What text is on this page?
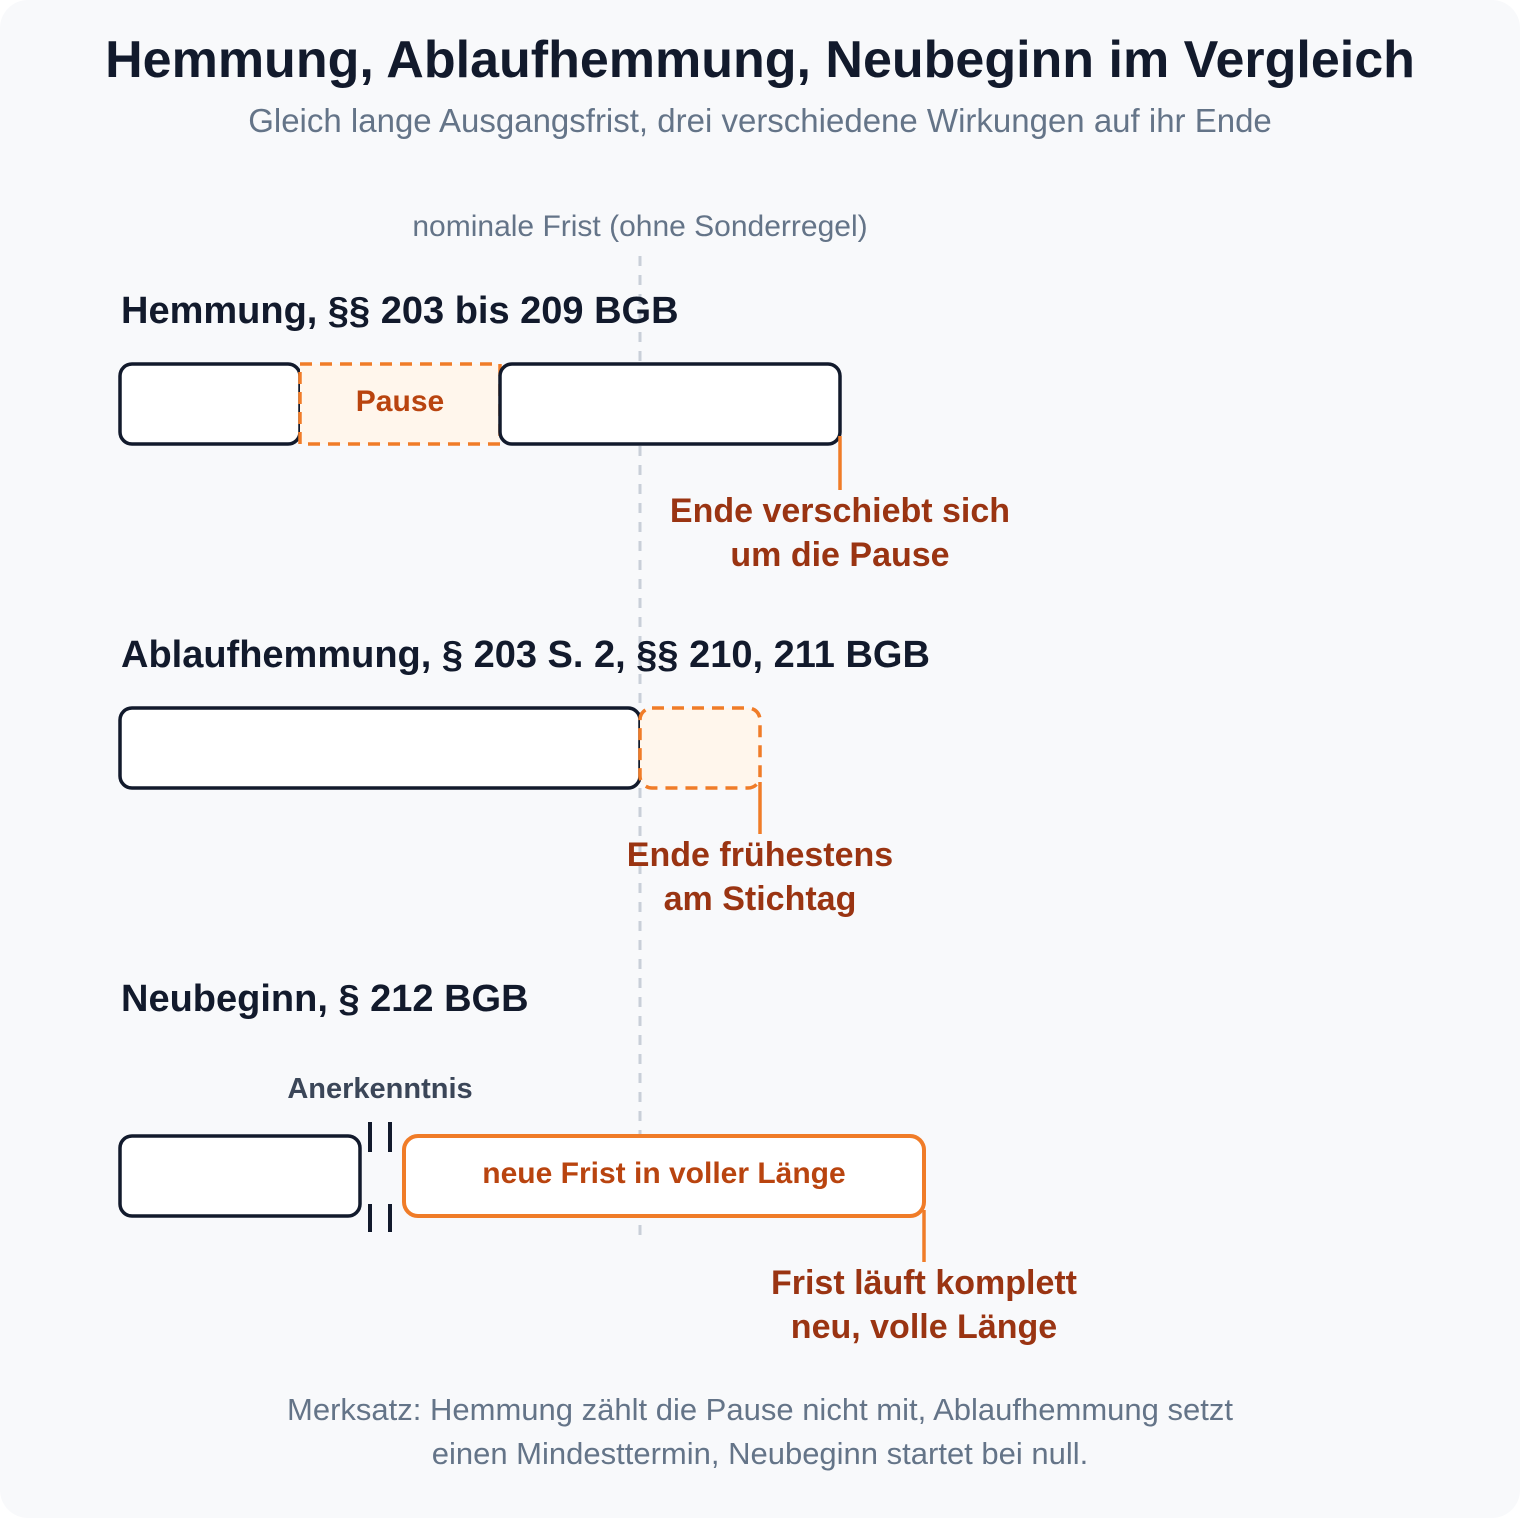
Hemmung, Ablaufhemmung, Neubeginn im Vergleich
Gleich lange Ausgangsfrist, drei verschiedene Wirkungen auf ihr Ende
nominale Frist (ohne Sonderregel)
Hemmung, §§ 203 bis 209 BGB
Pause
Ende verschiebt sich
um die Pause
Ablaufhemmung, § 203 S. 2, §§ 210, 211 BGB
Ende frühestens
am Stichtag
Neubeginn, § 212 BGB
Anerkenntnis
neue Frist in voller Länge
Frist läuft komplett
neu, volle Länge
Merksatz: Hemmung zählt die Pause nicht mit, Ablaufhemmung setzt
einen Mindesttermin, Neubeginn startet bei null.
